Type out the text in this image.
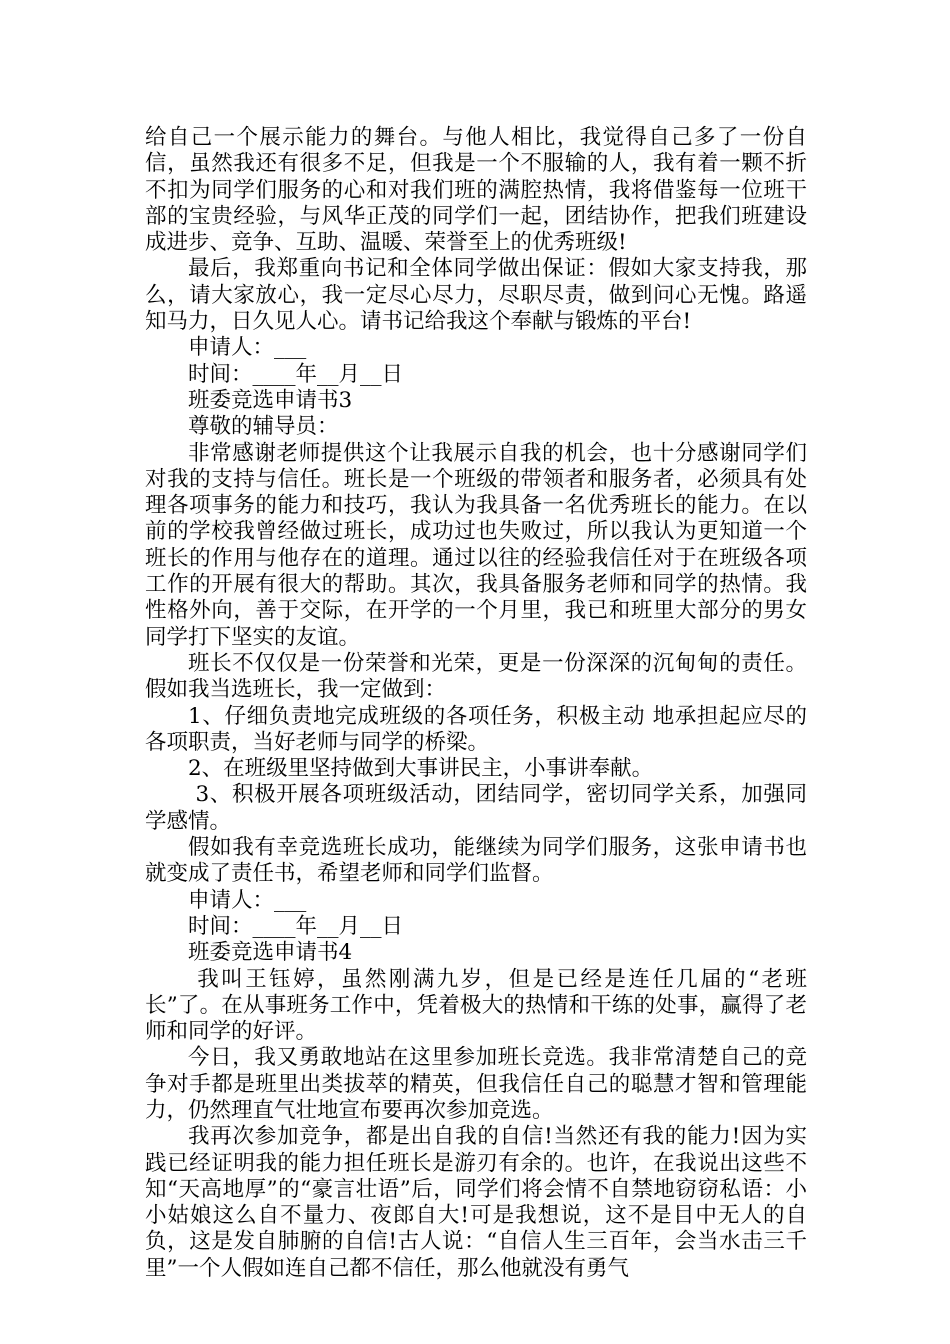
给自己一个展示能力的舞台。与他人相比，我觉得自己多了一份自信，虽然我还有很多不足，但我是一个不服输的人，我有着一颗不折不扣为同学们服务的心和对我们班的满腔热情，我将借鉴每一位班干部的宝贵经验，与风华正茂的同学们一起，团结协作，把我们班建设成进步、竞争、互助、温暖、荣誉至上的优秀班级!

最后，我郑重向书记和全体同学做出保证：假如大家支持我，那么，请大家放心，我一定尽心尽力，尽职尽责，做到问心无愧。路遥知马力，日久见人心。请书记给我这个奉献与锻炼的平台!

申请人：___

时间：____年__月__日

班委竞选申请书3

尊敬的辅导员：

非常感谢老师提供这个让我展示自我的机会，也十分感谢同学们对我的支持与信任。班长是一个班级的带领者和服务者，必须具有处理各项事务的能力和技巧，我认为我具备一名优秀班长的能力。在以前的学校我曾经做过班长，成功过也失败过，所以我认为更知道一个班长的作用与他存在的道理。通过以往的经验我信任对于在班级各项工作的开展有很大的帮助。其次，我具备服务老师和同学的热情。我性格外向，善于交际，在开学的一个月里，我已和班里大部分的男女同学打下坚实的友谊。

班长不仅仅是一份荣誉和光荣，更是一份深深的沉甸甸的责任。假如我当选班长，我一定做到：

1、仔细负责地完成班级的各项任务，积极主动 地承担起应尽的各项职责，当好老师与同学的桥梁。

2、在班级里坚持做到大事讲民主，小事讲奉献。

3、积极开展各项班级活动，团结同学，密切同学关系，加强同学感情。

假如我有幸竞选班长成功，能继续为同学们服务，这张申请书也就变成了责任书，希望老师和同学们监督。

申请人：___

时间：____年__月__日

班委竞选申请书4

我叫王钰婷，虽然刚满九岁，但是已经是连任几届的“老班长”了。在从事班务工作中，凭着极大的热情和干练的处事，赢得了老师和同学的好评。

今日，我又勇敢地站在这里参加班长竞选。我非常清楚自己的竞争对手都是班里出类拔萃的精英，但我信任自己的聪慧才智和管理能力，仍然理直气壮地宣布要再次参加竞选。

我再次参加竞争，都是出自我的自信!当然还有我的能力!因为实践已经证明我的能力担任班长是游刃有余的。也许，在我说出这些不知“天高地厚”的“豪言壮语”后，同学们将会情不自禁地窃窃私语：小小姑娘这么自不量力、夜郎自大!可是我想说，这不是目中无人的自负，这是发自肺腑的自信!古人说：“自信人生三百年，会当水击三千里”一个人假如连自己都不信任，那么他就没有勇气
